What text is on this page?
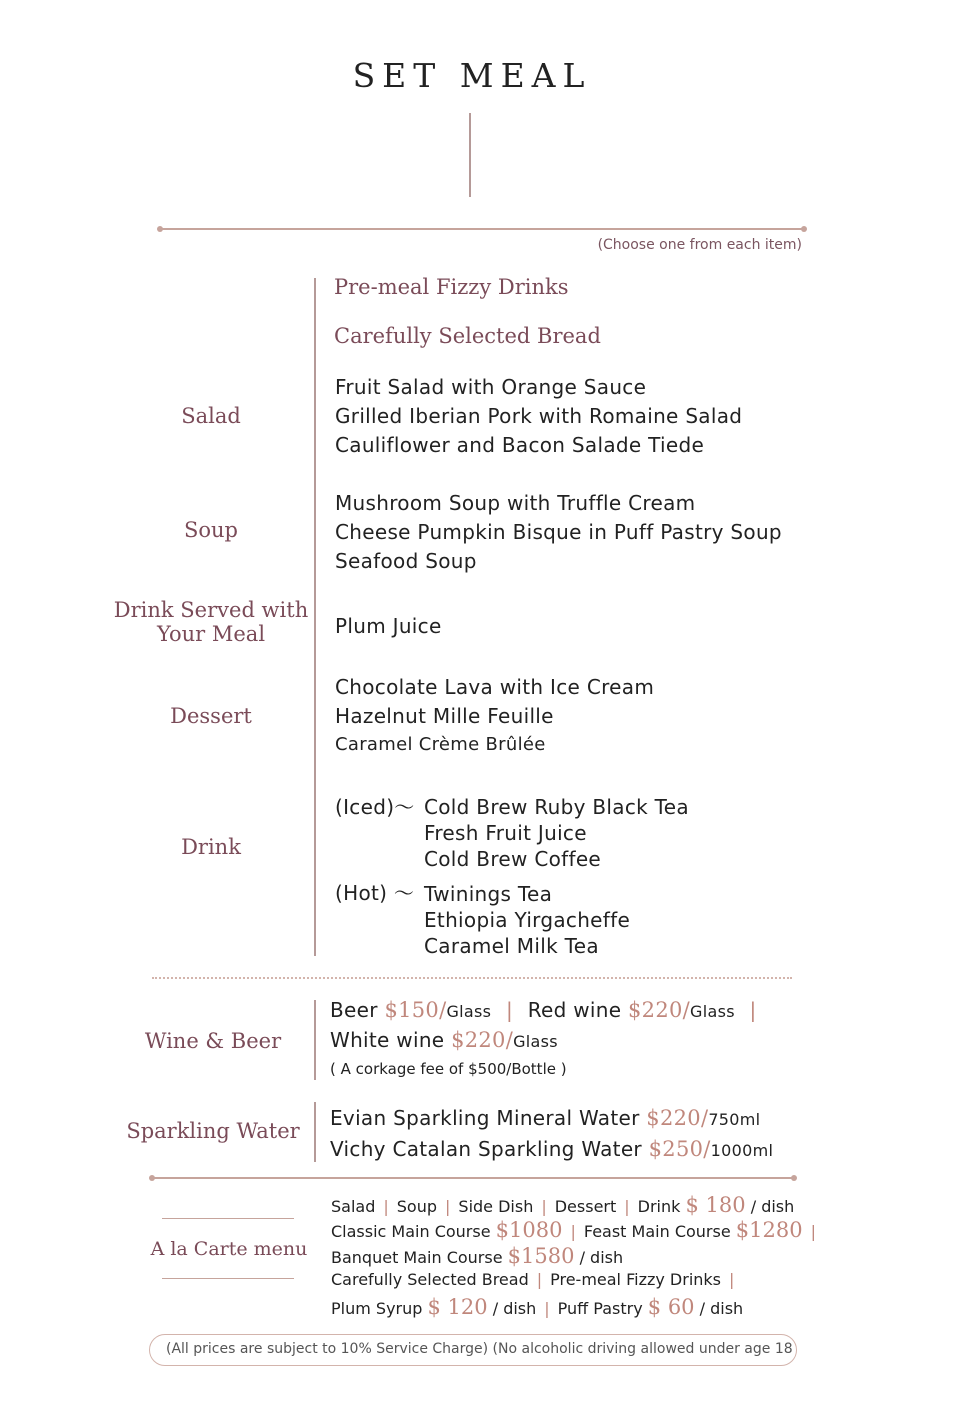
SET MEAL
(Choose one from each item)
Pre-meal Fizzy Drinks
Carefully Selected Bread
Salad
Fruit Salad with Orange Sauce
Grilled Iberian Pork with Romaine Salad
Cauliflower and Bacon Salade Tiede
Soup
Mushroom Soup with Truffle Cream
Cheese Pumpkin Bisque in Puff Pastry Soup
Seafood Soup
Drink Served with
Your Meal	Plum Juice
Dessert
Chocolate Lava with Ice Cream
Hazelnut Mille Feuille
Caramel Crème Brûlée
Drink
(Iced)～ Cold Brew Ruby Black Tea
Fresh Fruit Juice
Cold Brew Coffee
(Hot) ～ Twinings Tea
Ethiopia Yirgacheffe
Caramel Milk Tea
Wine & Beer
Beer $150/Glass | Red wine $220/Glass |
White wine $220/Glass
( A corkage fee of $500/Bottle )
Sparkling Water
Evian Sparkling Mineral Water $220/750ml
Vichy Catalan Sparkling Water $250/1000ml
A la Carte menu
Salad | Soup | Side Dish | Dessert | Drink $ 180 / dish
Classic Main Course $1080 | Feast Main Course $1280 |
Banquet Main Course $1580 / dish
Carefully Selected Bread | Pre-meal Fizzy Drinks |
Plum Syrup $ 120 / dish | Puff Pastry $ 60 / dish
(All prices are subject to 10% Service Charge) (No alcoholic driving allowed under age 18
